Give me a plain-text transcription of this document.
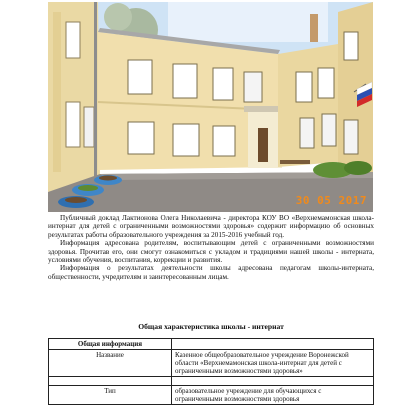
30 05 2017

Публичный доклад Лактионова Олега Николаевича - директора КОУ ВО «Верхнемамонская школа-интернат для детей с ограниченными возможностями здоровья» содержит информацию об основных результатах работы образовательного учреждения за 2015-2016 учебный год.

Информация адресована родителям, воспитывающим детей с ограниченными возможностями здоровья. Прочитав его, они смогут ознакомиться с укладом и традициями нашей школы - интерната, условиями обучения, воспитания, коррекции и развития.

Информация о результатах деятельности школы адресована педагогам школы-интерната, общественности, учредителям и заинтересованным лицам.

Общая характеристика школы - интернат
Общая информация	
Название	Казенное общеобразовательное учреждение Воронежской области «Верхнемамонская школа-интернат для детей с ограниченными возможностями здоровья»

Тип	образовательное учреждение для обучающихся с ограниченными возможностями здоровья
